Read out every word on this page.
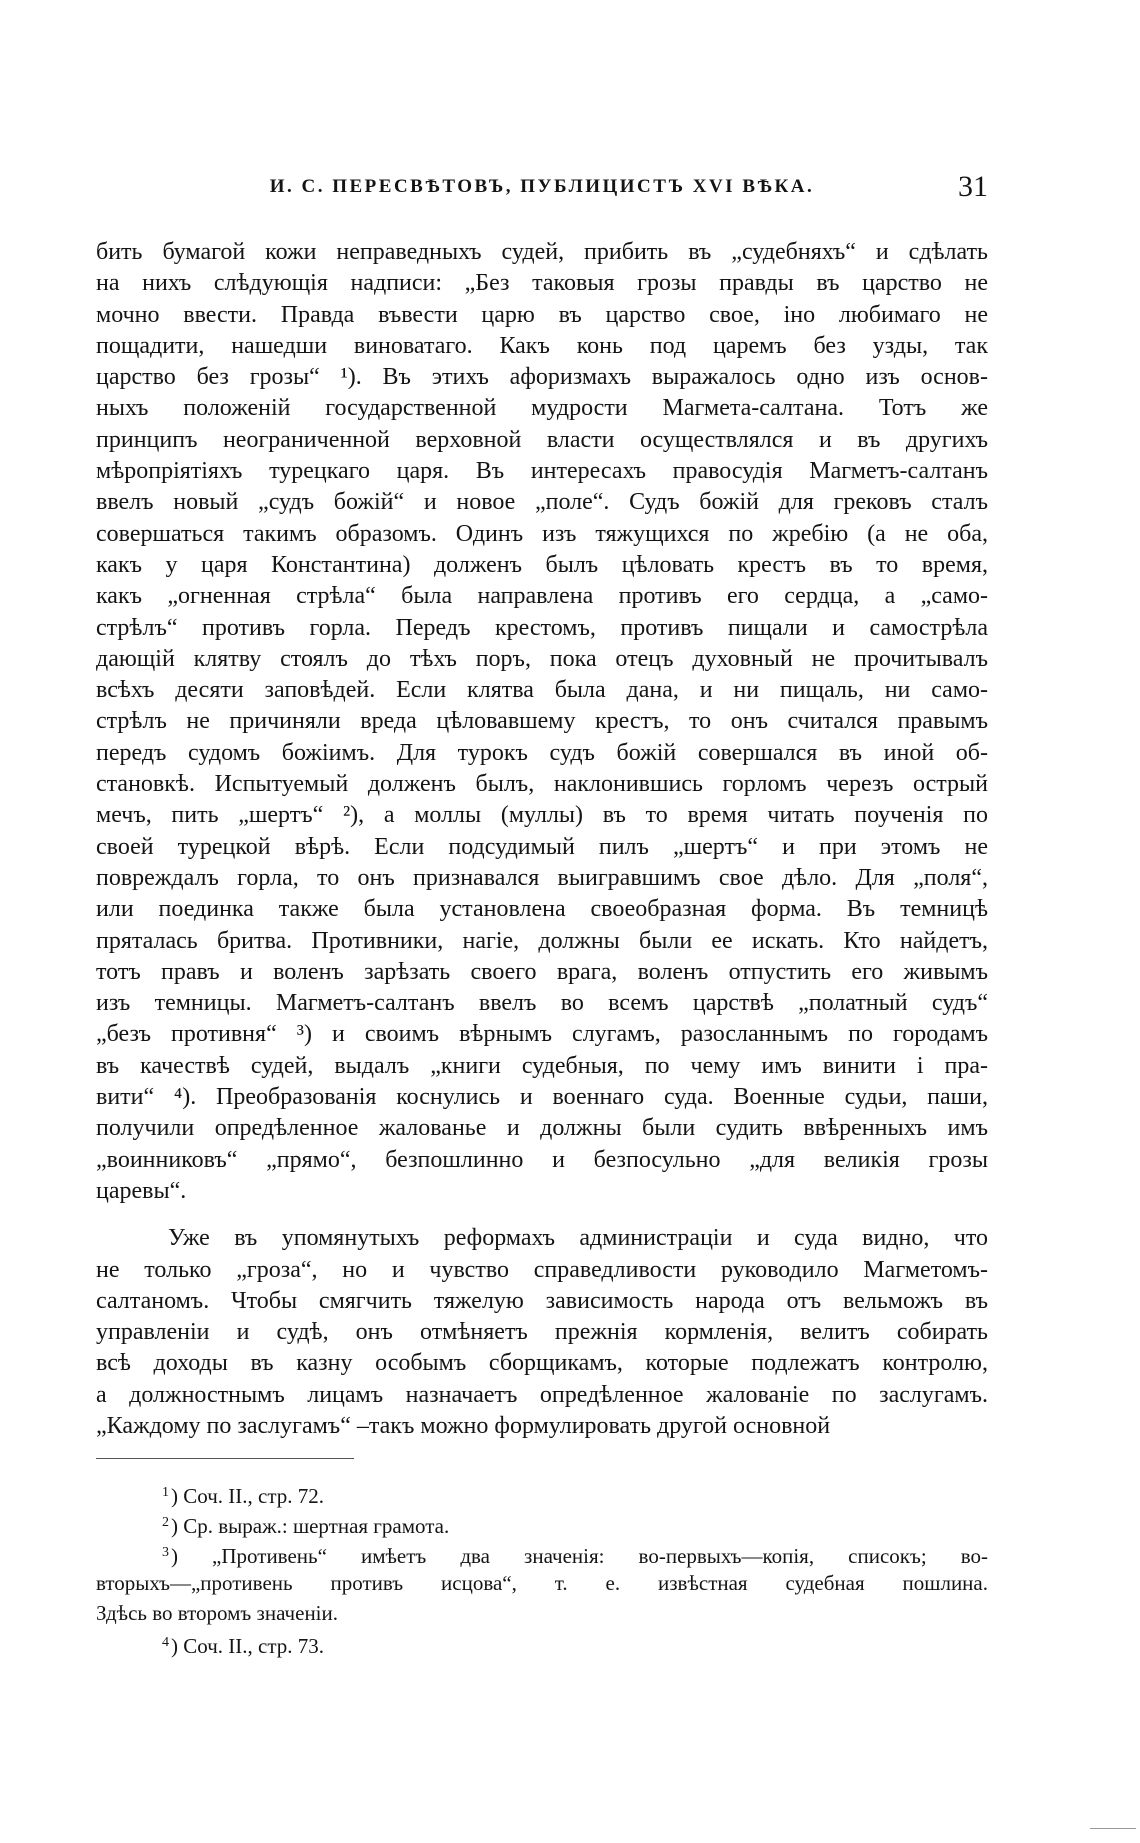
И. С. ПЕРЕСВѢТОВЪ, ПУБЛИЦИСТЪ XVI ВѢКА.	31
бить бумагой кожи неправедныхъ судей, прибить въ „судебняхъ“ и сдѣлать
на нихъ слѣдующія надписи: „Без таковыя грозы правды въ царство не
мочно ввести. Правда въвести царю въ царство свое, іно любимаго не
пощадити, нашедши виноватаго. Какъ конь под царемъ без узды, так
царство без грозы“ ¹). Въ этихъ афоризмахъ выражалось одно изъ основ-
ныхъ положеній государственной мудрости Магмета-салтана. Тотъ же
принципъ неограниченной верховной власти осуществлялся и въ другихъ
мѣропріятіяхъ турецкаго царя. Въ интересахъ правосудія Магметъ-салтанъ
ввелъ новый „судъ божій“ и новое „поле“. Судъ божій для грековъ сталъ
совершаться такимъ образомъ. Одинъ изъ тяжущихся по жребію (а не оба,
какъ у царя Константина) долженъ былъ цѣловать крестъ въ то время,
какъ „огненная стрѣла“ была направлена противъ его сердца, а „само-
стрѣлъ“ противъ горла. Передъ крестомъ, противъ пищали и самострѣла
дающій клятву стоялъ до тѣхъ поръ, пока отецъ духовный не прочитывалъ
всѣхъ десяти заповѣдей. Если клятва была дана, и ни пищаль, ни само-
стрѣлъ не причиняли вреда цѣловавшему крестъ, то онъ считался правымъ
передъ судомъ божіимъ. Для турокъ судъ божій совершался въ иной об-
становкѣ. Испытуемый долженъ былъ, наклонившись горломъ черезъ острый
мечъ, пить „шертъ“ ²), а моллы (муллы) въ то время читать поученія по
своей турецкой вѣрѣ. Если подсудимый пилъ „шертъ“ и при этомъ не
повреждалъ горла, то онъ признавался выигравшимъ свое дѣло. Для „поля“,
или поединка также была установлена своеобразная форма. Въ темницѣ
пряталась бритва. Противники, нагіе, должны были ее искать. Кто найдетъ,
тотъ правъ и воленъ зарѣзать своего врага, воленъ отпустить его живымъ
изъ темницы. Магметъ-салтанъ ввелъ во всемъ царствѣ „полатный судъ“
„безъ противня“ ³) и своимъ вѣрнымъ слугамъ, разосланнымъ по городамъ
въ качествѣ судей, выдалъ „книги судебныя, по чему имъ винити і пра-
вити“ ⁴). Преобразованія коснулись и военнаго суда. Военные судьи, паши,
получили опредѣленное жалованье и должны были судить ввѣренныхъ имъ
„воинниковъ“ „прямо“, безпошлинно и безпосульно „для великія грозы
царевы“.
Уже въ упомянутыхъ реформахъ администраціи и суда видно, что
не только „гроза“, но и чувство справедливости руководило Магметомъ-
салтаномъ. Чтобы смягчить тяжелую зависимость народа отъ вельможъ въ
управленіи и судѣ, онъ отмѣняетъ прежнія кормленія, велитъ собирать
всѣ доходы въ казну особымъ сборщикамъ, которые подлежатъ контролю,
а должностнымъ лицамъ назначаетъ опредѣленное жалованіе по заслугамъ.
„Каждому по заслугамъ“ –такъ можно формулировать другой основной
$^1$) Соч. II., стр. 72.
$^2$) Ср. выраж.: шертная грамота.
$^3$) „Противень“ имѣетъ два значенія: во-первыхъ—копія, списокъ; во-
вторыхъ—„противень противъ исцова“, т. е. извѣстная судебная пошлина.
Здѣсь во второмъ значеніи.
$^4$) Соч. II., стр. 73.
